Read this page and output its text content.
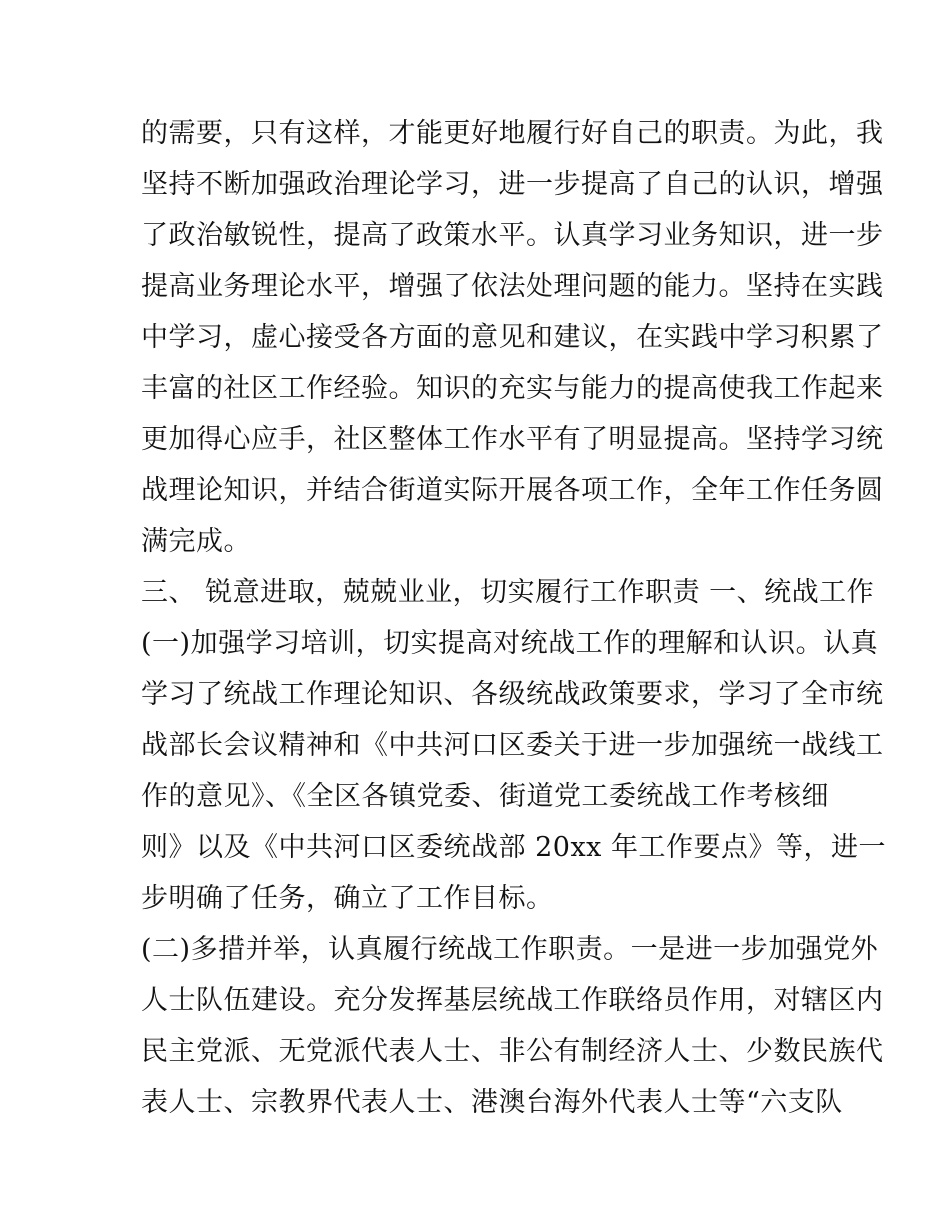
的需要，只有这样，才能更好地履行好自己的职责。为此，我
坚持不断加强政治理论学习，进一步提高了自己的认识，增强
了政治敏锐性，提高了政策水平。认真学习业务知识，进一步
提高业务理论水平，增强了依法处理问题的能力。坚持在实践
中学习，虚心接受各方面的意见和建议，在实践中学习积累了
丰富的社区工作经验。知识的充实与能力的提高使我工作起来
更加得心应手，社区整体工作水平有了明显提高。坚持学习统
战理论知识，并结合街道实际开展各项工作，全年工作任务圆
满完成。
三、 锐意进取，兢兢业业，切实履行工作职责 一、统战工作
(一)加强学习培训，切实提高对统战工作的理解和认识。认真
学习了统战工作理论知识、各级统战政策要求，学习了全市统
战部长会议精神和《中共河口区委关于进一步加强统一战线工
作的意见》、《全区各镇党委、街道党工委统战工作考核细
则》以及《中共河口区委统战部 20xx 年工作要点》等，进一
步明确了任务，确立了工作目标。
(二)多措并举，认真履行统战工作职责。一是进一步加强党外
人士队伍建设。充分发挥基层统战工作联络员作用，对辖区内
民主党派、无党派代表人士、非公有制经济人士、少数民族代
表人士、宗教界代表人士、港澳台海外代表人士等“六支队
